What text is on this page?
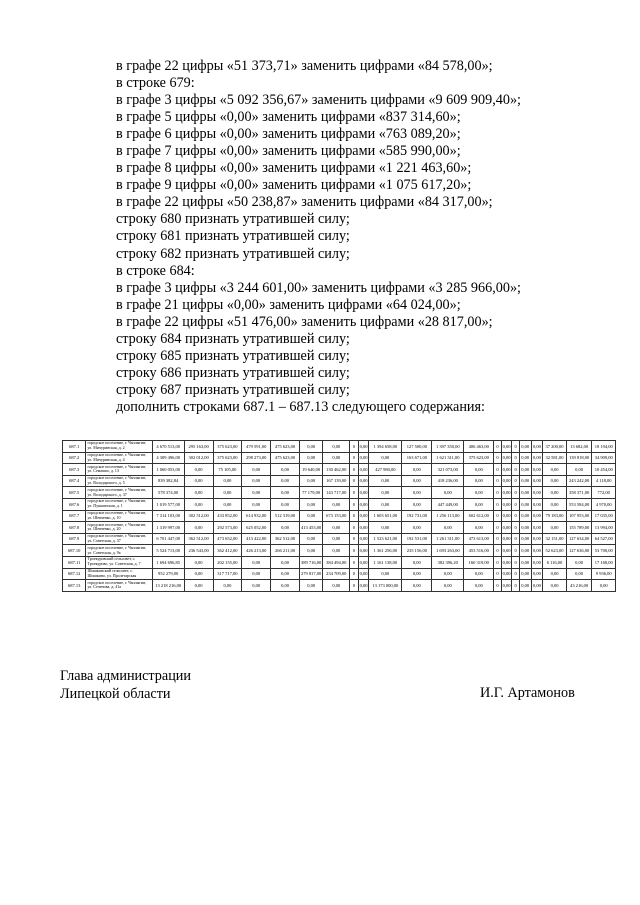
в графе 22 цифры «51 373,71» заменить цифрами «84 578,00»;
в строке 679:
в графе 3 цифры «5 092 356,67» заменить цифрами «9 609 909,40»;
в графе 5 цифры «0,00» заменить цифрами «837 314,60»;
в графе 6 цифры «0,00» заменить цифрами «763 089,20»;
в графе 7 цифры «0,00» заменить цифрами «585 990,00»;
в графе 8 цифры «0,00» заменить цифрами «1 221 463,60»;
в графе 9 цифры «0,00» заменить цифрами «1 075 617,20»;
в графе 22 цифры «50 238,87» заменить цифрами «84 317,00»;
строку 680 признать утратившей силу;
строку 681 признать утратившей силу;
строку 682 признать утратившей силу;
в строке 684:
в графе 3 цифры «3 244 601,00» заменить цифрами «3 285 966,00»;
в графе 21 цифры «0,00» заменить цифрами «64 024,00»;
в графе 22 цифры «51 476,00» заменить цифрами «28 817,00»;
строку 684 признать утратившей силу;
строку 685 признать утратившей силу;
строку 686 признать утратившей силу;
строку 687 признать утратившей силу;
дополнить строками 687.1 – 687.13 следующего содержания:
687.1	городское поселение, г. Чаплыгин, ул. Мичуринская, д. 2	4 670 513,00	295 163,00	375 623,00	479 591,00	475 623,00	0,00	0,00	0	0,00	1 394 658,00	127 500,00	1 397 350,00	406 463,00	0	0,00	0	0,00	0,00	37 200,00	13 682,00	18 194,00
687.2	городское поселение, г. Чаплыгин, ул. Мичуринская, д. 4	4 309 496,00	302 012,00	375 623,00	298 273,00	475 623,00	0,00	0,00	0	0,00	0,00	163 671,00	1 621 311,00	375 623,00	0	0,00	0	0,00	0,00	32 581,00	139 818,00	34 909,00
687.3	городское поселение, г. Чаплыгин, ул. Семашко, д. 13	1 060 053,00	0,00	75 105,00	0,00	0,00	19 640,00	130 462,00	0	0,00	427 980,00	0,00	321 073,00	0,00	0	0,00	0	0,00	0,00	0,00	0,00	10 454,00
687.4	городское поселение, г. Чаплыгин, ул. Володарского, д. 5	839 382,84	0,00	0,00	0,00	0,00	0,00	167 139,00	0	0,00	0,00	0,00	418 236,00	0,00	0	0,00	0	0,00	0,00	0,00	243 242,00	4 118,00
687.5	городское поселение, г. Чаплыгин, ул. Володарского, д. 37	578 374,00	0,00	0,00	0,00	0,00	77 179,00	143 717,00	0	0,00	0,00	0,00	0,00	0,00	0	0,00	0	0,00	0,00	0,00	358 371,00	772,00
687.6	городское поселение, г. Чаплыгин, ул. Пушкинская, д. 1	1 019 577,00	0,00	0,00	0,00	0,00	0,00	0,00	0	0,00	0,00	0,00	447 449,00	0,00	0	0,00	0	0,00	0,00	0,00	553 584,00	4 970,00
687.7	городское поселение, г. Чаплыгин, ул. Шевченко, д. 10	7 314 103,00	302 512,00	433 852,00	614 932,00	512 319,00	0,00	673 153,00	0	0,00	1 603 651,00	192 731,00	1 256 113,00	602 612,00	0	0,00	0	0,00	0,00	79 183,00	107 953,00	17 035,00
687.8	городское поселение, г. Чаплыгин, ул. Шевченко, д. 20	1 319 997,00	0,00	292 573,00	625 052,00	0,00	413 453,00	0,00	0	0,00	0,00	0,00	0,00	0,00	0	0,00	0	0,00	0,00	0,00	155 789,00	13 994,00
687.9	городское поселение, г. Чаплыгин, ул. Советская, д. 37	6 701 447,00	362 512,00	473 652,00	413 422,00	362 512,00	0,00	0,00	0	0,00	1 523 621,00	192 531,00	1 261 311,00	473 613,00	0	0,00	0	0,00	0,00	32 151,00	127 634,00	64 527,00
687.10	городское поселение, г. Чаплыгин, ул. Советская, д. 9а	5 524 713,00	236 543,00	362 412,00	426 213,00	266 211,00	0,00	0,00	0	0,00	1 361 256,00	235 156,00	1 693 263,00	453 516,00	0	0,00	0	0,00	0,00	52 623,00	127 636,00	53 700,00
687.11	Троекуровский сельсовет, с. Троекурово, ул. Советская, д. 7	1 694 696,85	0,00	202 155,00	0,00	0,00	389 716,00	384 494,00	0	0,00	1 161 138,00	0,00	382 396,20	160 319,00	0	0,00	0	0,00	0,00	6 116,00	0,00	17 168,00
687.12	Шишкинский сельсовет, с. Шишкино, ул. Пролетарская	952 279,00	0,00	317 717,00	0,00	0,00	279 817,00	234 709,00	0	0,00	0,00	0,00	0,00	0,00	0	0,00	0	0,00	0,00	0,00	0,00	9 936,00
687.13	городское поселение, г. Чаплыгин, ул. Сеченова, д. 41а	13 218 216,00	0,00	0,00	0,00	0,00	0,00	0,00	0	0,00	13 173 000,00	0,00	0,00	0,00	0	0,00	0	0,00	0,00	0,00	43 216,00	0,00
Глава администрации
Липецкой области	И.Г. Артамонов
